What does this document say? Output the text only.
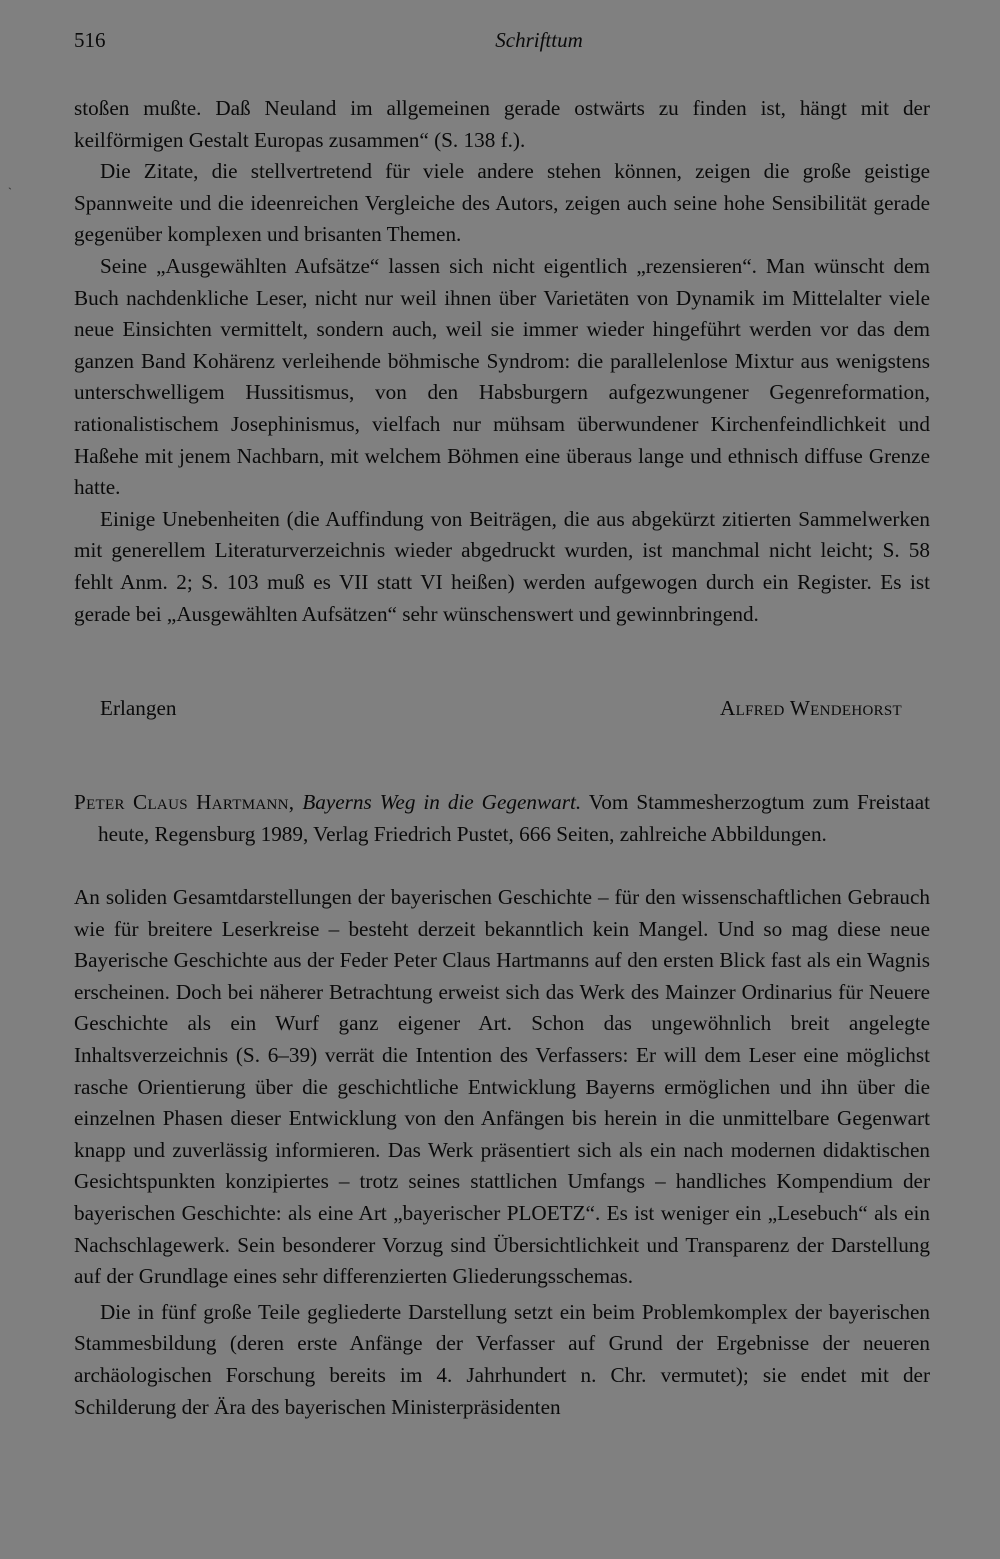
516	Schrifttum
ˎ

stoßen mußte. Daß Neuland im allgemeinen gerade ostwärts zu finden ist, hängt mit der keilförmigen Gestalt Europas zusammen“ (S. 138 f.).

Die Zitate, die stellvertretend für viele andere stehen können, zeigen die große geistige Spannweite und die ideenreichen Vergleiche des Autors, zeigen auch seine hohe Sensibilität gerade gegenüber komplexen und brisanten Themen.

Seine „Ausgewählten Aufsätze“ lassen sich nicht eigentlich „rezensieren“. Man wünscht dem Buch nachdenkliche Leser, nicht nur weil ihnen über Varietäten von Dynamik im Mittelalter viele neue Einsichten vermittelt, sondern auch, weil sie immer wieder hingeführt werden vor das dem ganzen Band Kohärenz verleihende böhmische Syndrom: die parallelenlose Mixtur aus wenigstens unterschwelligem Hussitismus, von den Habsburgern aufgezwungener Gegenreformation, rationalistischem Josephinismus, vielfach nur mühsam überwundener Kirchenfeindlichkeit und Haßehe mit jenem Nachbarn, mit welchem Böhmen eine überaus lange und ethnisch diffuse Grenze hatte.

Einige Unebenheiten (die Auffindung von Beiträgen, die aus abgekürzt zitierten Sammelwerken mit generellem Literaturverzeichnis wieder abgedruckt wurden, ist manchmal nicht leicht; S. 58 fehlt Anm. 2; S. 103 muß es VII statt VI heißen) werden aufgewogen durch ein Register. Es ist gerade bei „Ausgewählten Aufsätzen“ sehr wünschenswert und gewinnbringend.

Erlangen	Alfred Wendehorst
Peter Claus Hartmann, Bayerns Weg in die Gegenwart. Vom Stammesherzogtum zum Freistaat heute, Regensburg 1989, Verlag Friedrich Pustet, 666 Seiten, zahlreiche Abbildungen.

An soliden Gesamtdarstellungen der bayerischen Geschichte – für den wissenschaftlichen Gebrauch wie für breitere Leserkreise – besteht derzeit bekanntlich kein Mangel. Und so mag diese neue Bayerische Geschichte aus der Feder Peter Claus Hartmanns auf den ersten Blick fast als ein Wagnis erscheinen. Doch bei näherer Betrachtung erweist sich das Werk des Mainzer Ordinarius für Neuere Geschichte als ein Wurf ganz eigener Art. Schon das ungewöhnlich breit angelegte Inhaltsverzeichnis (S. 6–39) verrät die Intention des Verfassers: Er will dem Leser eine möglichst rasche Orientierung über die geschichtliche Entwicklung Bayerns ermöglichen und ihn über die einzelnen Phasen dieser Entwicklung von den Anfängen bis herein in die unmittelbare Gegenwart knapp und zuverlässig informieren. Das Werk präsentiert sich als ein nach modernen didaktischen Gesichtspunkten konzipiertes – trotz seines stattlichen Umfangs – handliches Kompendium der bayerischen Geschichte: als eine Art „bayerischer PLOETZ“. Es ist weniger ein „Lesebuch“ als ein Nachschlagewerk. Sein besonderer Vorzug sind Übersichtlichkeit und Transparenz der Darstellung auf der Grundlage eines sehr differenzierten Gliederungsschemas.

Die in fünf große Teile gegliederte Darstellung setzt ein beim Problemkomplex der bayerischen Stammesbildung (deren erste Anfänge der Verfasser auf Grund der Ergebnisse der neueren archäologischen Forschung bereits im 4. Jahrhundert n. Chr. vermutet); sie endet mit der Schilderung der Ära des bayerischen Ministerpräsidenten
